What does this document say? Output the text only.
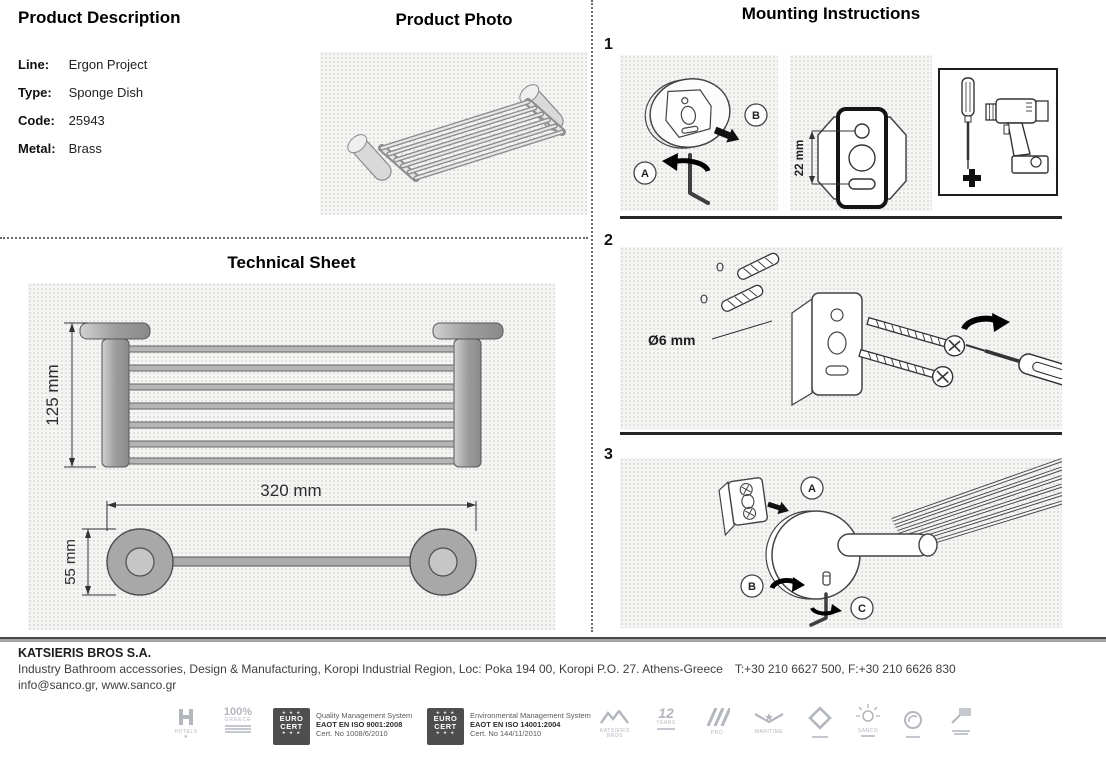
Product Description
Line: Ergon Project
Type: Sponge Dish
Code: 25943
Metal: Brass
Product Photo
Technical Sheet
125 mm
320 mm
55 mm
Mounting Instructions
1
A
B
22 mm
2
Ø6 mm
3
A
B
C
KATSIERIS BROS S.A.
Industry Bathroom accessories, Design & Manufacturing, Koropi Industrial Region, Loc: Poka 194 00, Koropi P.O. 27. Athens-Greece T:+30 210 6627 500, F:+30 210 6626 830
info@sanco.gr, www.sanco.gr
HOTELS
★
100%
GREECE
★ ★ ★
EURO
CERT
★ ★ ★
Quality Management System
EAOT EN ISO 9001:2008
Cert. No 1008/6/2010
★ ★ ★
EURO
CERT
★ ★ ★
Environmental Management System
EAOT EN ISO 14001:2004
Cert. No 144/11/2010	KATSIERIS
BROS
12
YEARS
PRO	MARITIME	SANCO
